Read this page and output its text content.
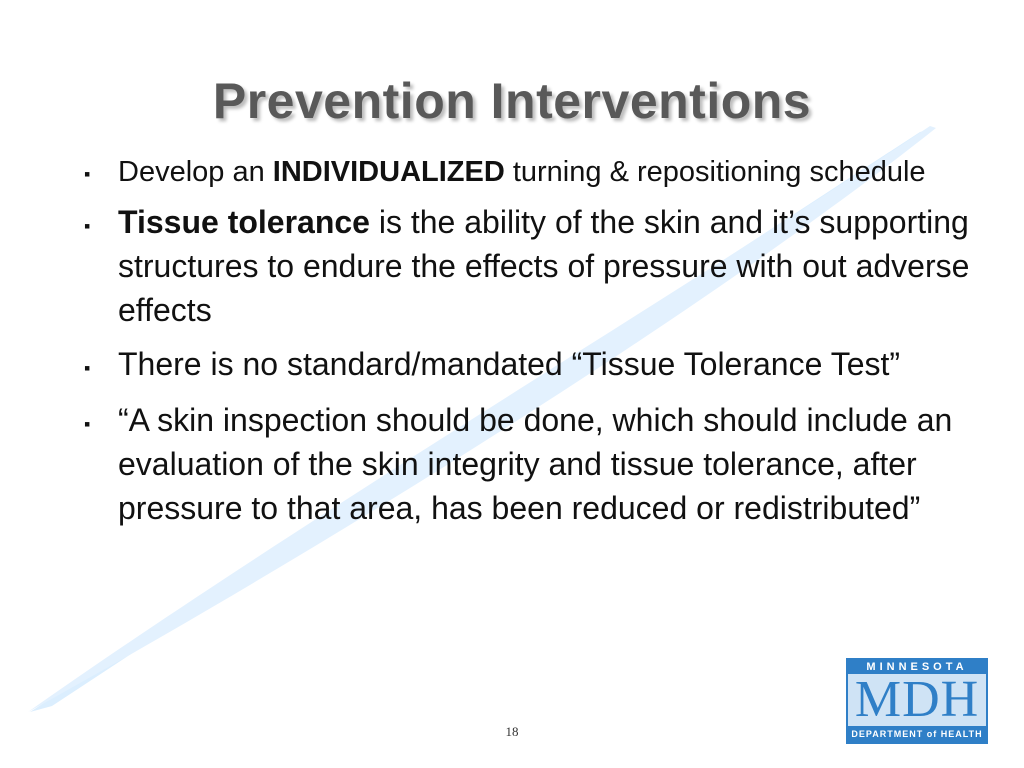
Prevention Interventions
▪ Develop an INDIVIDUALIZED turning & repositioning schedule
▪ Tissue tolerance is the ability of the skin and it’s supporting structures to endure the effects of pressure with out adverse effects
▪ There is no standard/mandated “Tissue Tolerance Test”
▪ “A skin inspection should be done, which should include an evaluation of the skin integrity and tissue tolerance, after pressure to that area, has been reduced or redistributed”
MINNESOTA
MDH
DEPARTMENT of HEALTH
18
